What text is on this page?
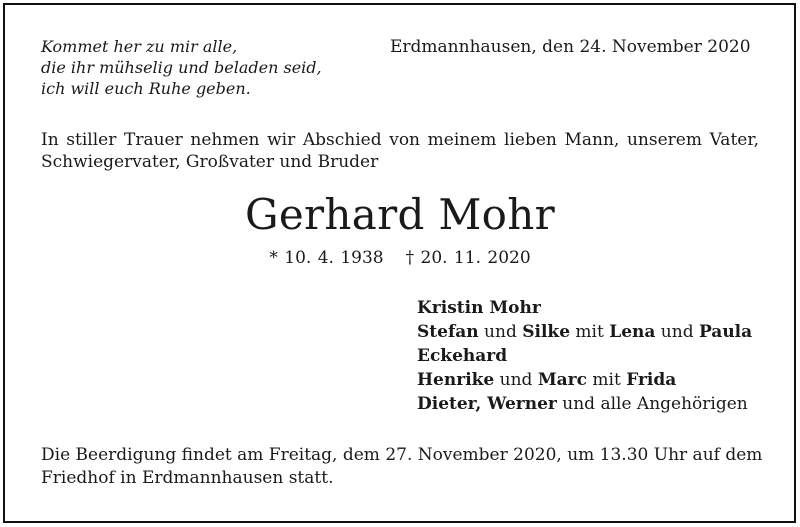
Kommet her zu mir alle,
die ihr mühselig und beladen seid,
ich will euch Ruhe geben.
Erdmannhausen, den 24. November 2020
In stiller Trauer nehmen wir Abschied von meinem lieben Mann, unserem Vater,
Schwiegervater, Großvater und Bruder
Gerhard Mohr
* 10. 4. 1938 † 20. 11. 2020
Kristin Mohr
Stefan und Silke mit Lena und Paula
Eckehard
Henrike und Marc mit Frida
Dieter, Werner und alle Angehörigen
Die Beerdigung findet am Freitag, dem 27. November 2020, um 13.30 Uhr auf dem
Friedhof in Erdmannhausen statt.
